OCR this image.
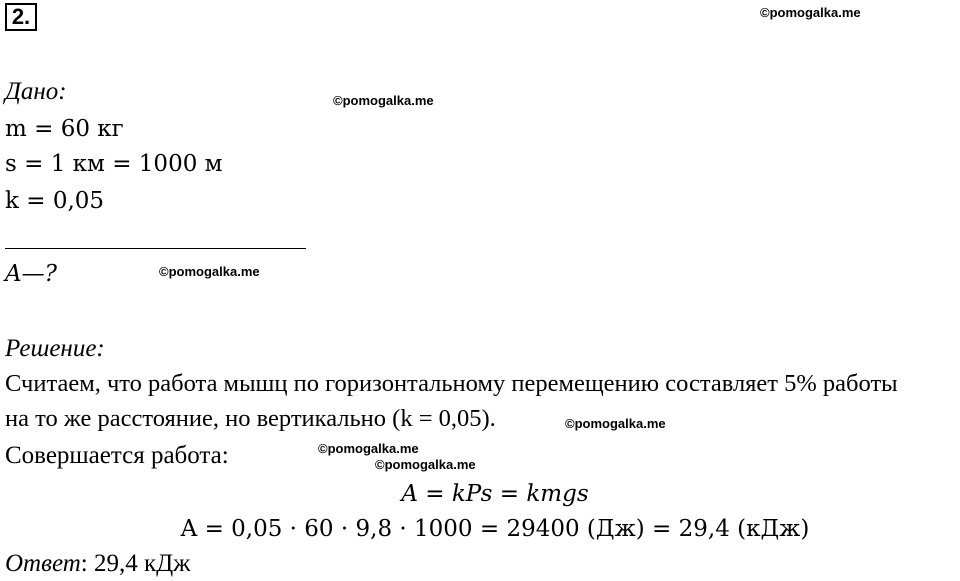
2.	©pomogalka.me
©pomogalka.me
©pomogalka.me
©pomogalka.me
©pomogalka.me
©pomogalka.me
Дано:
m = 60 кг
s = 1 км = 1000 м
k = 0,05
A—?
Решение:
Считаем, что работа мышц по горизонтальному перемещению составляет 5% работы
на то же расстояние, но вертикально (k = 0,05).
Совершается работа:
A = kPs = kmgs
A = 0,05 · 60 · 9,8 · 1000 = 29400 (Дж) = 29,4 (кДж)
Ответ: 29,4 кДж
